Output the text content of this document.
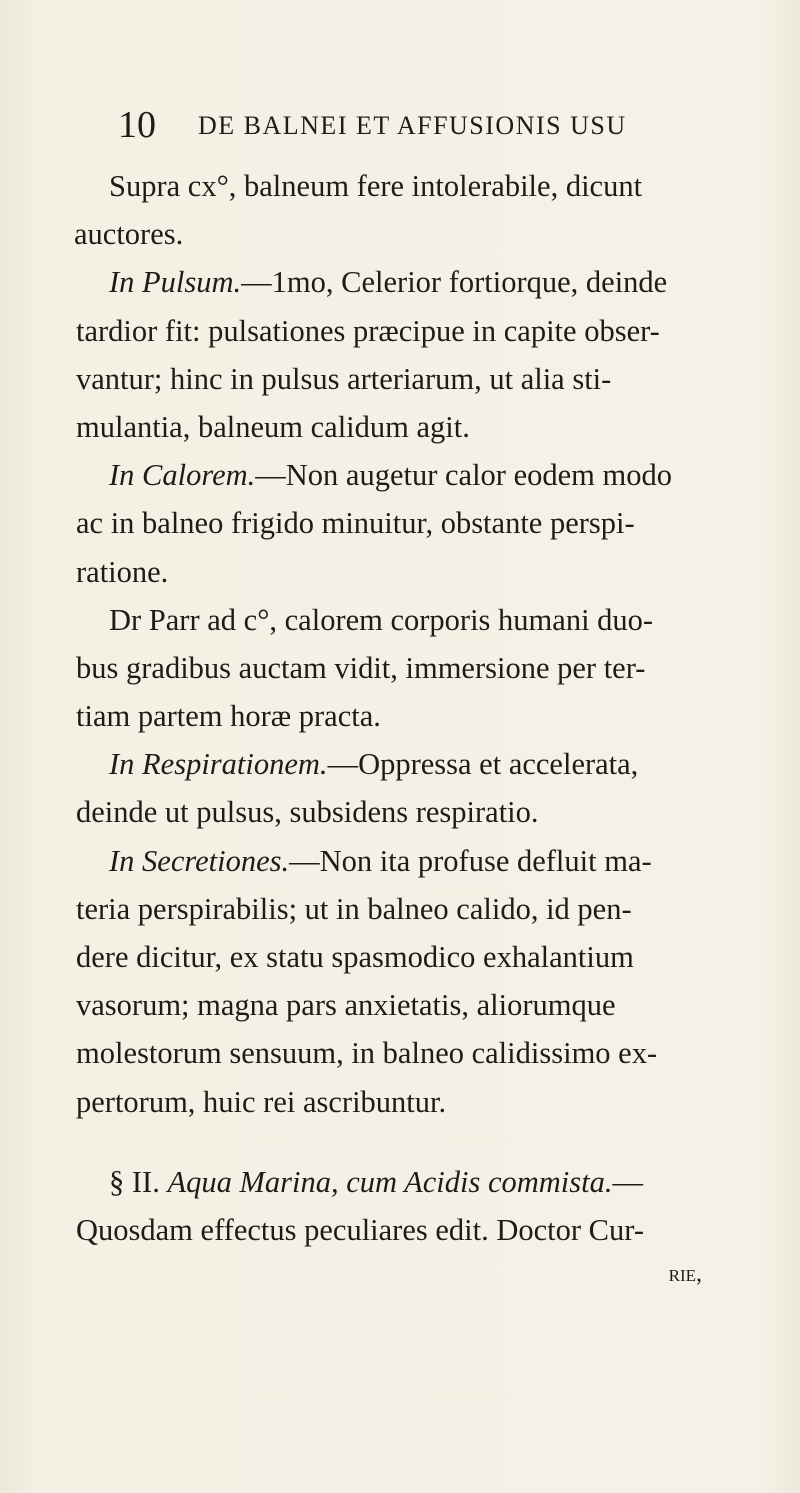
10 DE BALNEI ET AFFUSIONIS USU
Supra cx°, balneum fere intolerabile, dicunt
auctores.
In Pulsum.—1mo, Celerior fortiorque, deinde
tardior fit: pulsationes præcipue in capite obser-
vantur; hinc in pulsus arteriarum, ut alia sti-
mulantia, balneum calidum agit.
In Calorem.—Non augetur calor eodem modo
ac in balneo frigido minuitur, obstante perspi-
ratione.
Dr Parr ad c°, calorem corporis humani duo-
bus gradibus auctam vidit, immersione per ter-
tiam partem horæ practa.
In Respirationem.—Oppressa et accelerata,
deinde ut pulsus, subsidens respiratio.
In Secretiones.—Non ita profuse defluit ma-
teria perspirabilis; ut in balneo calido, id pen-
dere dicitur, ex statu spasmodico exhalantium
vasorum; magna pars anxietatis, aliorumque
molestorum sensuum, in balneo calidissimo ex-
pertorum, huic rei ascribuntur.
§ II. Aqua Marina, cum Acidis commista.—
Quosdam effectus peculiares edit. Doctor Cur-
rie,
